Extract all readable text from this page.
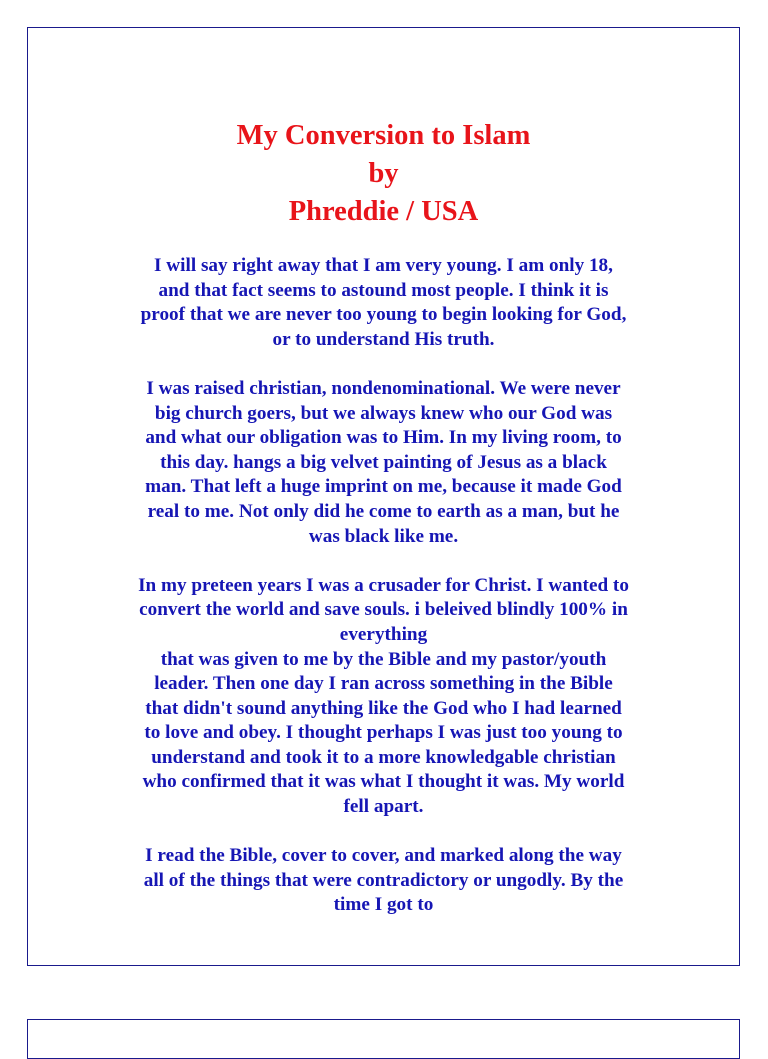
My Conversion to Islam
by
Phreddie / USA
I will say right away that I am very young. I am only 18,
and that fact seems to astound most people. I think it is
proof that we are never too young to begin looking for God,
or to understand His truth.
I was raised christian, nondenominational. We were never
big church goers, but we always knew who our God was
and what our obligation was to Him. In my living room, to
this day. hangs a big velvet painting of Jesus as a black
man. That left a huge imprint on me, because it made God
real to me. Not only did he come to earth as a man, but he
was black like me.
In my preteen years I was a crusader for Christ. I wanted to
convert the world and save souls. i beleived blindly 100% in
everything
that was given to me by the Bible and my pastor/youth
leader. Then one day I ran across something in the Bible
that didn't sound anything like the God who I had learned
to love and obey. I thought perhaps I was just too young to
understand and took it to a more knowledgable christian
who confirmed that it was what I thought it was. My world
fell apart.
I read the Bible, cover to cover, and marked along the way
all of the things that were contradictory or ungodly. By the
time I got to
